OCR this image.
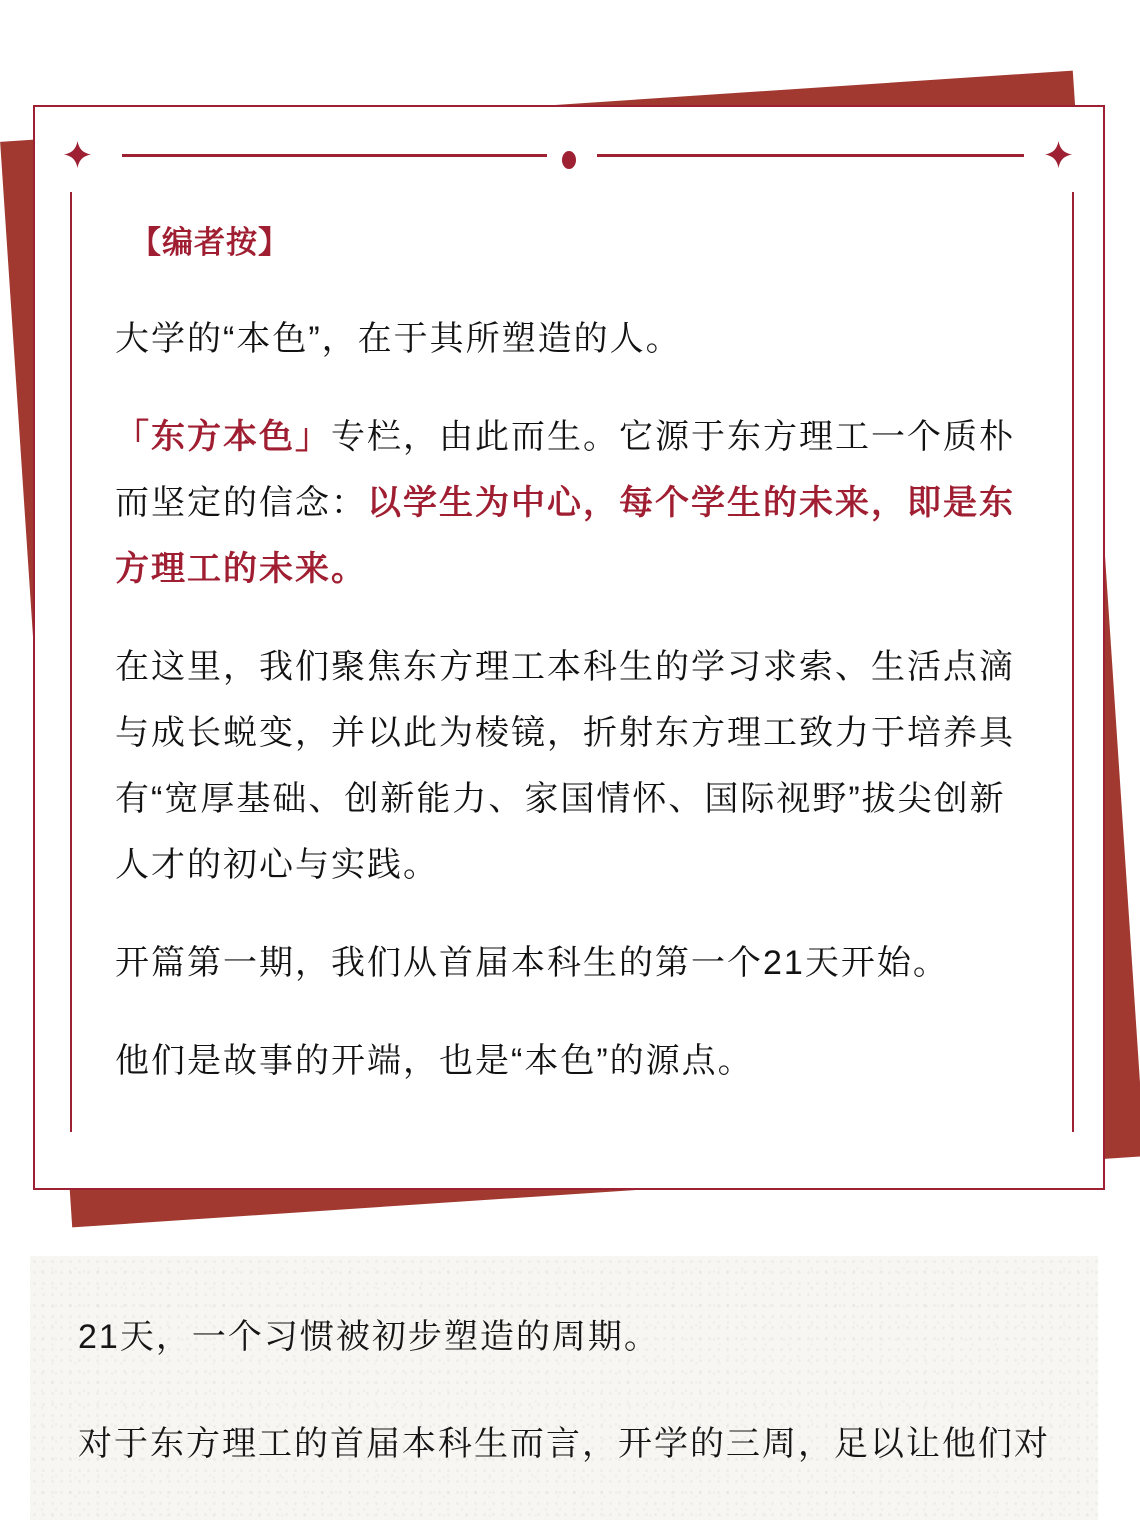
【编者按】

大学的“本色”，在于其所塑造的人。

「东方本色」专栏，由此而生。它源于东方理工一个质朴而坚定的信念：以学生为中心，每个学生的未来，即是东方理工的未来。

在这里，我们聚焦东方理工本科生的学习求索、生活点滴与成长蜕变，并以此为棱镜，折射东方理工致力于培养具有“宽厚基础、创新能力、家国情怀、国际视野”拔尖创新人才的初心与实践。

开篇第一期，我们从首届本科生的第一个21天开始。

他们是故事的开端，也是“本色”的源点。

21天，一个习惯被初步塑造的周期。

对于东方理工的首届本科生而言，开学的三周，足以让他们对
